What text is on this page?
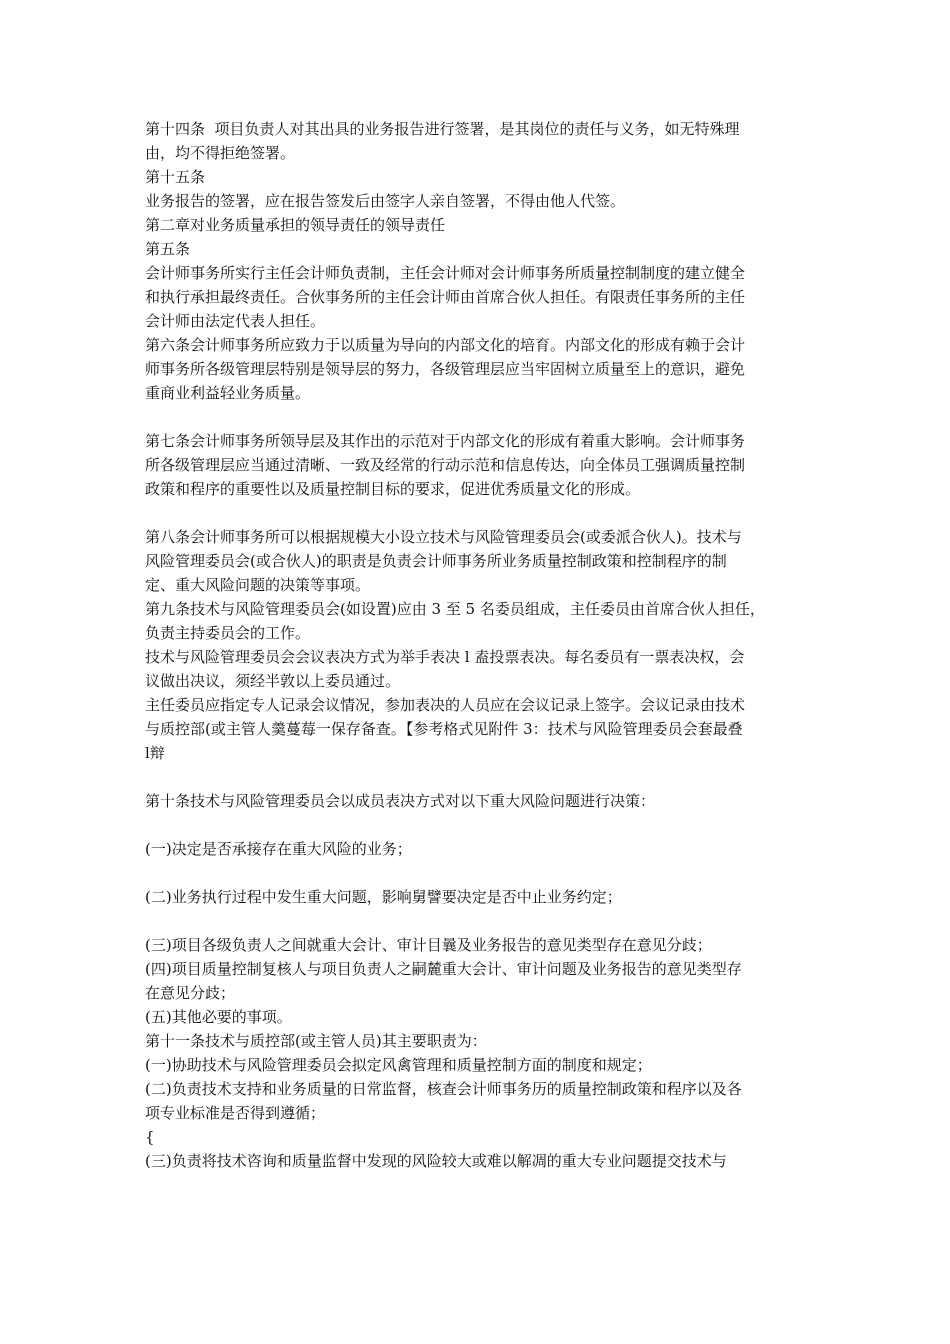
第十四条  项目负责人对其出具的业务报告进行签署，是其岗位的责任与义务，如无特殊理

由，均不得拒绝签署。

第十五条

业务报告的签署，应在报告签发后由签字人亲自签署，不得由他人代签。

第二章对业务质量承担的领导责任的领导责任

第五条

会计师事务所实行主任会计师负责制，主任会计师对会计师事务所质量控制制度的建立健全

和执行承担最终责任。合伙事务所的主任会计师由首席合伙人担任。有限责任事务所的主任

会计师由法定代表人担任。

第六条会计师事务所应致力于以质量为导向的内部文化的培育。内部文化的形成有赖于会计

师事务所各级管理层特别是领导层的努力，各级管理层应当牢固树立质量至上的意识，避免

重商业利益轻业务质量。

第七条会计师事务所领导层及其作出的示范对于内部文化的形成有着重大影响。会计师事务

所各级管理层应当通过清晰、一致及经常的行动示范和信息传达，向全体员工强调质量控制

政策和程序的重要性以及质量控制目标的要求，促进优秀质量文化的形成。

第八条会计师事务所可以根据规模大小设立技术与风险管理委员会(或委派合伙人)。技术与

风险管理委员会(或合伙人)的职责是负责会计师事务所业务质量控制政策和控制程序的制

定、重大风险问题的决策等事项。

第九条技术与风险管理委员会(如设置)应由 3 至 5 名委员组成，主任委员由首席合伙人担任，

负责主持委员会的工作。

技术与风险管理委员会会议表决方式为举手表决 l 盍投票表决。每名委员有一票表决权，会

议做出决议，须经半敦以上委员通过。

主任委员应指定专人记录会议情况，参加表决的人员应在会议记录上签字。会议记录由技术

与质控部(或主管人羹蔓莓一保存备查。【参考格式见附件 3：技术与风险管理委员会套最叠

l辩

第十条技术与风险管理委员会以成员表决方式对以下重大风险问题进行决策：

(一)决定是否承接存在重大风险的业务；

(二)业务执行过程中发生重大问题，影响舅譬要决定是否中止业务约定；

(三)项目各级负责人之间就重大会计、审计目曩及业务报告的意见类型存在意见分歧；

(四)项目质量控制复核人与项目负责人之嗣麓重大会计、审计问题及业务报告的意见类型存

在意见分歧；

(五)其他必要的事项。

第十一条技术与质控部(或主管人员)其主要职责为：

(一)协助技术与风险管理委员会拟定风禽管理和质量控制方面的制度和规定；

(二)负责技术支持和业务质量的日常监督，核查会计师事务历的质量控制政策和程序以及各

项专业标准是否得到遵循；

{

(三)负责将技术咨询和质量监督中发现的风险较大或难以解凋的重大专业问题提交技术与
